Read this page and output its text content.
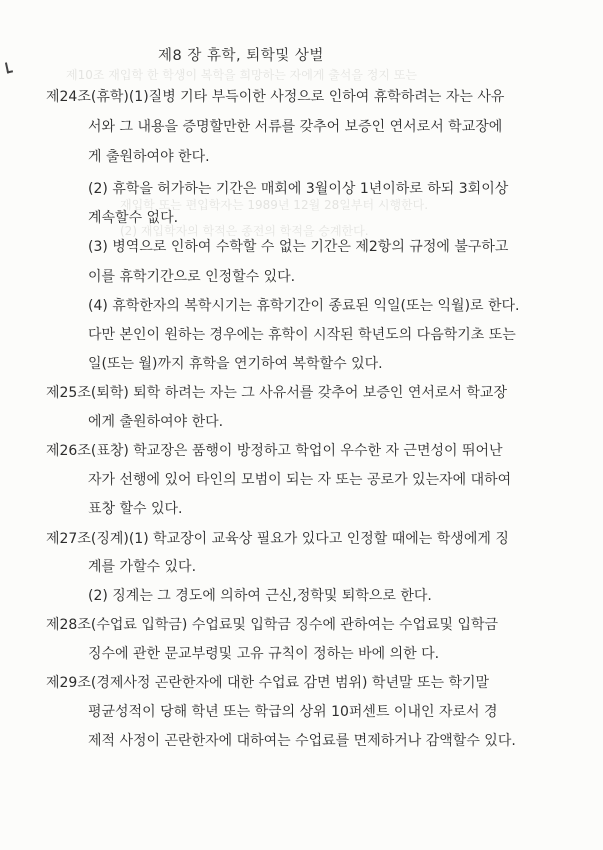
제10조 재입학 한 학생이 복학을 희망하는 자에게 출석을 정지 또는
재입학 또는 편입학자는 1989년 12월 28일부터 시행한다.
(2) 재입학자의 학적은 종전의 학적을 승계한다.
제8 장 휴학, 퇴학및 상벌
제24조(휴학)(1)질병 기타 부득이한 사정으로 인하여 휴학하려는 자는 사유
서와 그 내용을 증명할만한 서류를 갖추어 보증인 연서로서 학교장에
게 출원하여야 한다.
(2) 휴학을 허가하는 기간은 매회에 3월이상 1년이하로 하되 3회이상
계속할수 없다.
(3) 병역으로 인하여 수학할 수 없는 기간은 제2항의 규정에 불구하고
이를 휴학기간으로 인정할수 있다.
(4) 휴학한자의 복학시기는 휴학기간이 종료된 익일(또는 익월)로 한다.
다만 본인이 원하는 경우에는 휴학이 시작된 학년도의 다음학기초 또는
일(또는 월)까지 휴학을 연기하여 복학할수 있다.
제25조(퇴학) 퇴학 하려는 자는 그 사유서를 갖추어 보증인 연서로서 학교장
에게 출원하여야 한다.
제26조(표창) 학교장은 품행이 방정하고 학업이 우수한 자 근면성이 뛰어난
자가 선행에 있어 타인의 모범이 되는 자 또는 공로가 있는자에 대하여
표창 할수 있다.
제27조(징계)(1) 학교장이 교육상 필요가 있다고 인정할 때에는 학생에게 징
계를 가할수 있다.
(2) 징계는 그 경도에 의하여 근신,정학및 퇴학으로 한다.
제28조(수업료 입학금) 수업료및 입학금 징수에 관하여는 수업료및 입학금
징수에 관한 문교부령및 고유 규칙이 정하는 바에 의한 다.
제29조(경제사정 곤란한자에 대한 수업료 감면 범위) 학년말 또는 학기말
평균성적이 당해 학년 또는 학급의 상위 10퍼센트 이내인 자로서 경
제적 사정이 곤란한자에 대하여는 수업료를 면제하거나 감액할수 있다.
